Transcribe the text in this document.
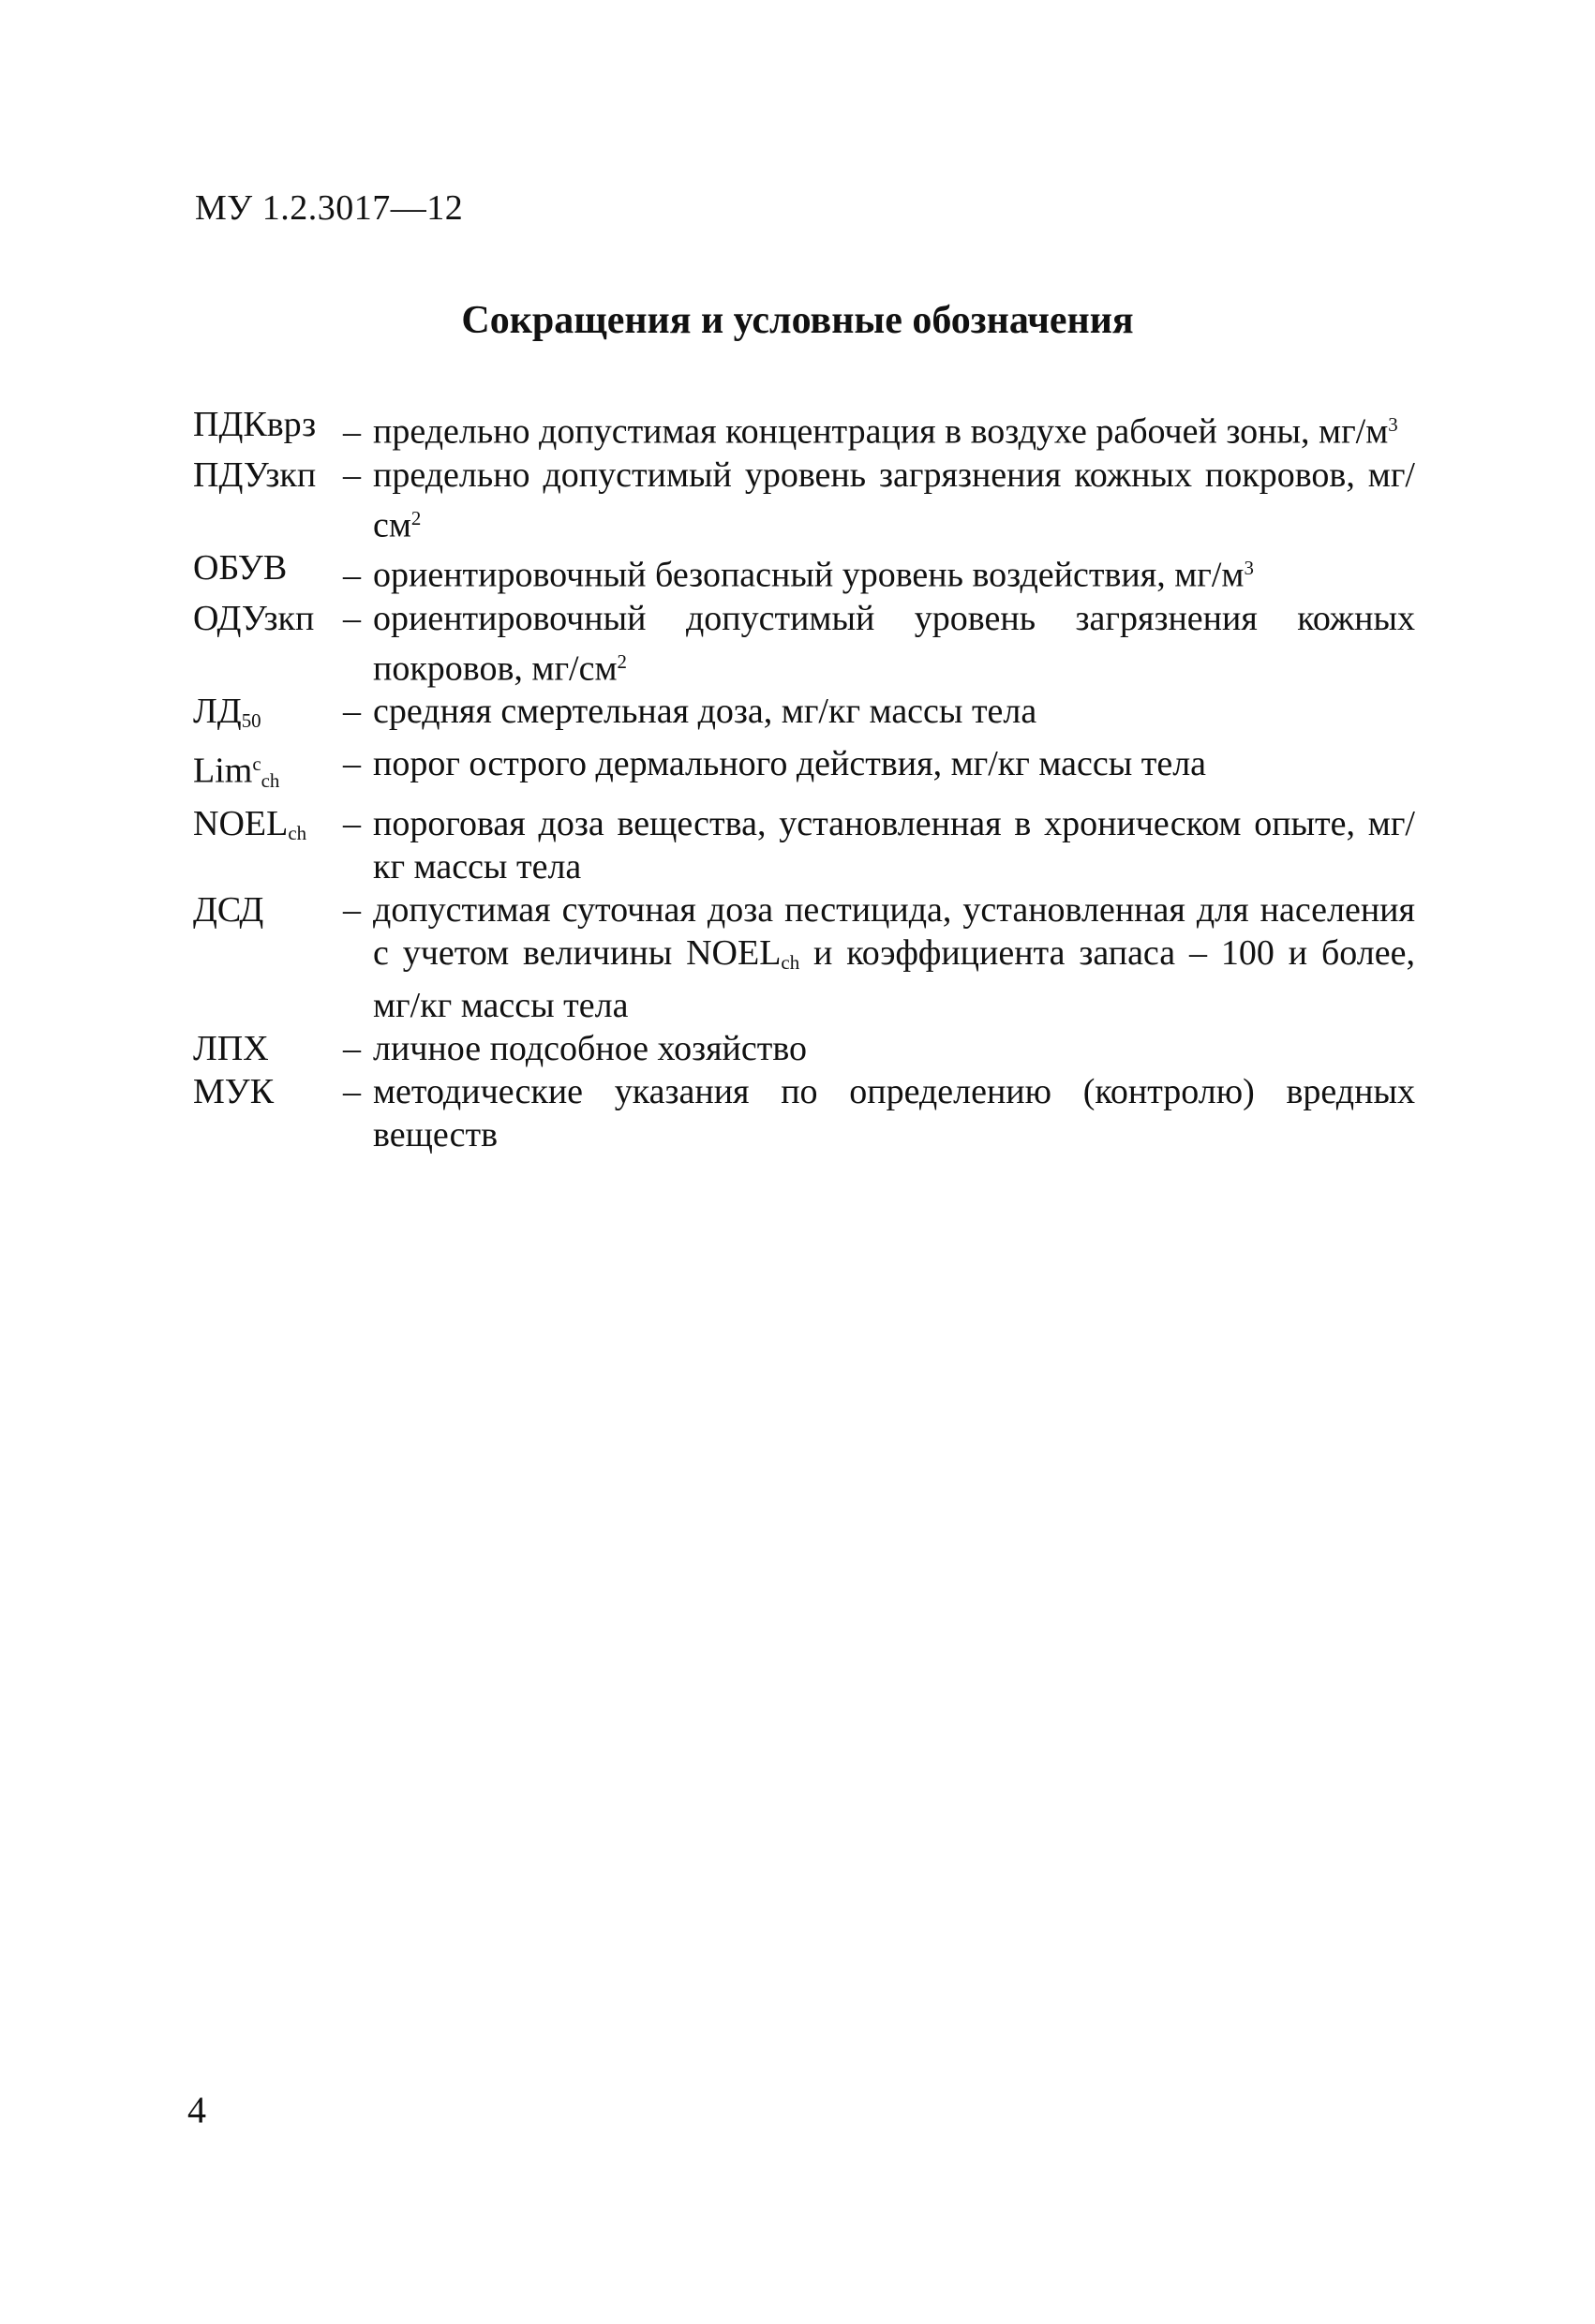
МУ 1.2.3017—12
Сокращения и условные обозначения
ПДКврз – предельно допустимая концентрация в воздухе рабочей зоны, $мг/м^3$
ПДУзкп – предельно допустимый уровень загрязнения кожных покровов, $мг/см^2$
ОБУВ	– ориентировочный безопасный уровень воздействия, $мг/м^3$
ОДУзкп – ориентировочный допустимый уровень загрязнения кожных покровов, $мг/см^2$
$ЛД_{50}$	– средняя смертельная доза, мг/кг массы тела
Lim$^c_{ch}$	– порог острого дермального действия, мг/кг массы тела
$NOEL_{ch}$	– пороговая доза вещества, установленная в хроническом опыте, мг/кг массы тела
ДСД	– допустимая суточная доза пестицида, установленная для населения с учетом величины $NOEL_{ch}$ и коэффициента запаса – 100 и более, мг/кг массы тела
ЛПХ	– личное подсобное хозяйство
МУК	– методические указания по определению (контролю) вредных веществ
4
